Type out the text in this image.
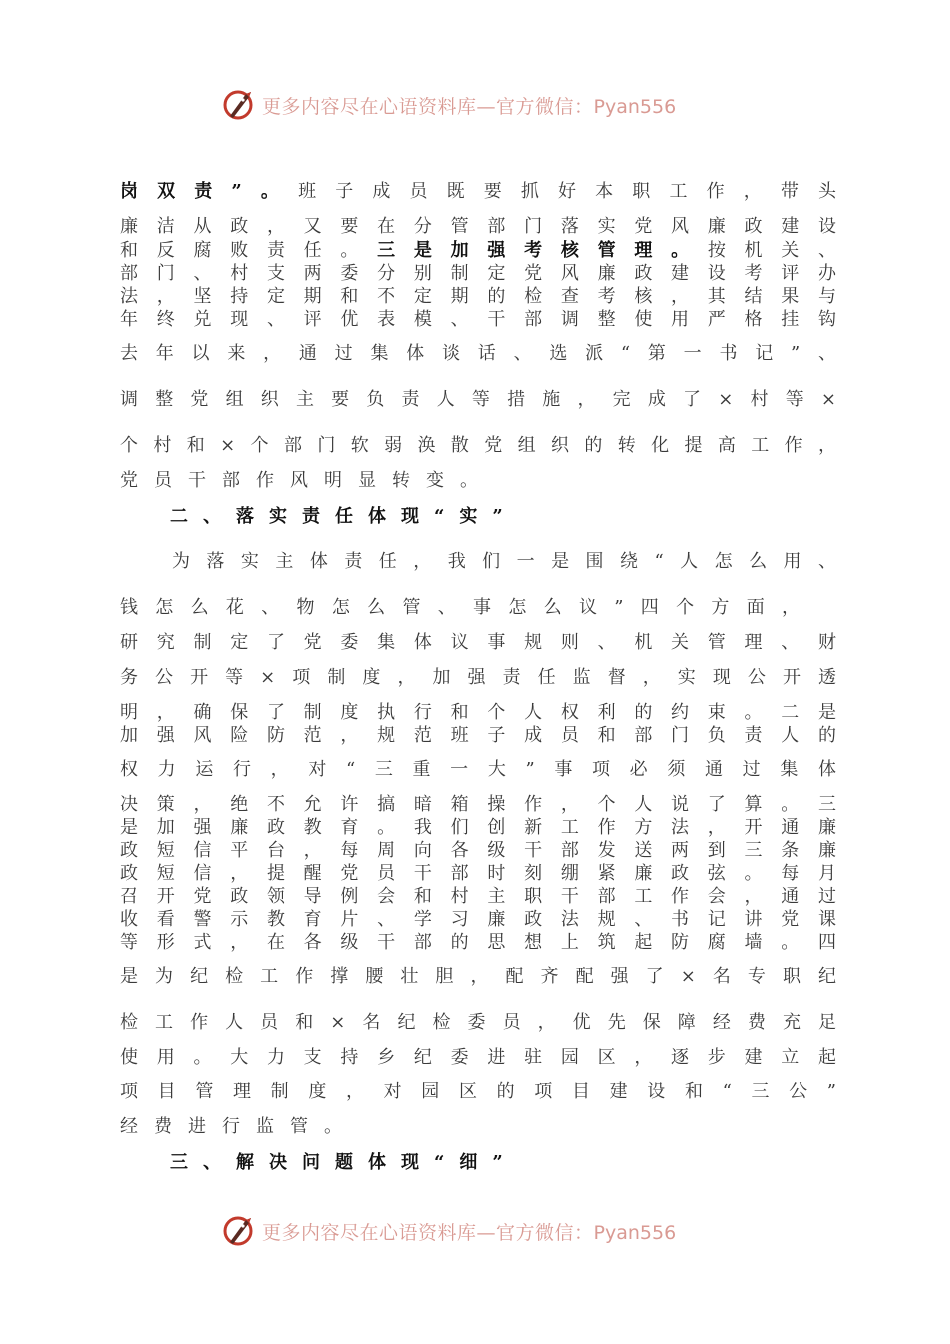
更多内容尽在心语资料库—官方微信：Pyan556
岗双责”。班子成员既要抓好本职工作，带头
廉洁从政，又要在分管部门落实党风廉政建设
和反腐败责任。三是加强考核管理。按机关、
部门、村支两委分别制定党风廉政建设考评办
法，坚持定期和不定期的检查考核，其结果与
年终兑现、评优表模、干部调整使用严格挂钩
去年以来，通过集体谈话、选派“第一书记”、
调整党组织主要负责人等措施，完成了×村等×
个村和×个部门软弱涣散党组织的转化提高工作，
党员干部作风明显转变。
二、落实责任体现“实”
为落实主体责任，我们一是围绕“人怎么用、
钱怎么花、物怎么管、事怎么议”四个方面，
研究制定了党委集体议事规则、机关管理、财
务公开等×项制度，加强责任监督，实现公开透
明，确保了制度执行和个人权利的约束。二是
加强风险防范，规范班子成员和部门负责人的
权力运行，对“三重一大”事项必须通过集体
决策，绝不允许搞暗箱操作，个人说了算。三
是加强廉政教育。我们创新工作方法，开通廉
政短信平台，每周向各级干部发送两到三条廉
政短信，提醒党员干部时刻绷紧廉政弦。每月
召开党政领导例会和村主职干部工作会，通过
收看警示教育片、学习廉政法规、书记讲党课
等形式，在各级干部的思想上筑起防腐墙。四
是为纪检工作撑腰壮胆，配齐配强了×名专职纪
检工作人员和×名纪检委员，优先保障经费充足
使用。大力支持乡纪委进驻园区，逐步建立起
项目管理制度，对园区的项目建设和“三公”
经费进行监管。
三、解决问题体现“细”
更多内容尽在心语资料库—官方微信：Pyan556
